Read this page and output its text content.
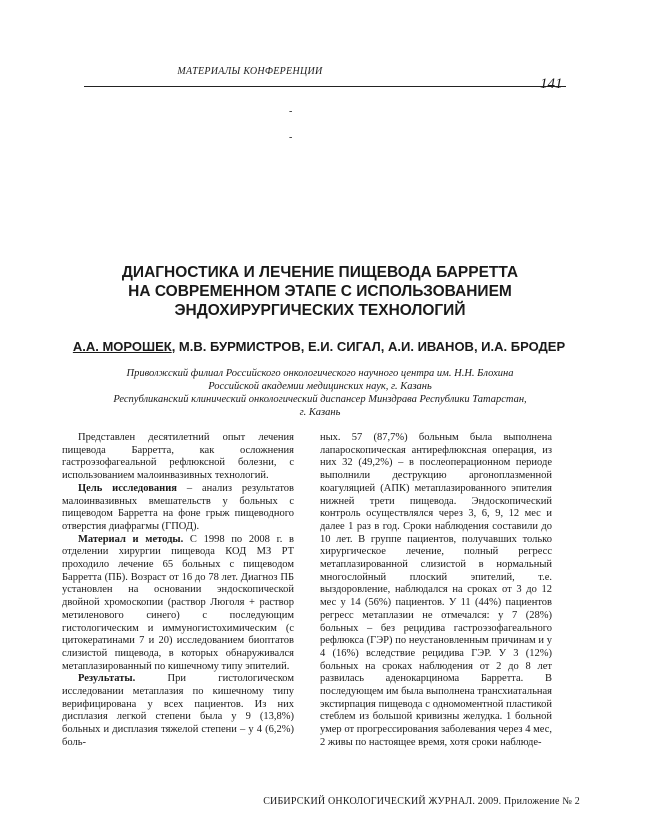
МАТЕРИАЛЫ КОНФЕРЕНЦИИ
141
-
-
ДИАГНОСТИКА И ЛЕЧЕНИЕ ПИЩЕВОДА БАРРЕТТА
НА СОВРЕМЕННОМ ЭТАПЕ С ИСПОЛЬЗОВАНИЕМ
ЭНДОХИРУРГИЧЕСКИХ ТЕХНОЛОГИЙ
А.А. МОРОШЕК, М.В. БУРМИСТРОВ, Е.И. СИГАЛ, А.И. ИВАНОВ, И.А. БРОДЕР
Приволжский филиал Российского онкологического научного центра им. Н.Н. Блохина
Российской академии медицинских наук, г. Казань
Республиканский клинический онкологический диспансер Минздрава Республики Татарстан,
г. Казань

Представлен десятилетний опыт лечения пищевода Барретта, как осложнения гастроэзофагеальной рефлюксной болезни, с использованием малоинвазивных технологий.

Цель исследования – анализ результатов малоинвазивных вмешательств у больных с пищеводом Барретта на фоне грыж пищеводного отверстия диафрагмы (ГПОД).

Материал и методы. С 1998 по 2008 г. в отделении хирургии пищевода КОД МЗ РТ проходило лечение 65 больных с пищеводом Барретта (ПБ). Возраст от 16 до 78 лет. Диагноз ПБ установлен на основании эндоскопической двойной хромоскопии (раствор Люголя + раствор метиленового синего) с последующим гистологическим и иммуногистохимическим (с цитокератинами 7 и 20) исследованием биоптатов слизистой пищевода, в которых обнаруживался метаплазированный по кишечному типу эпителий.

Результаты. При гистологическом исследовании метаплазия по кишечному типу верифицирована у всех пациентов. Из них дисплазия легкой степени была у 9 (13,8%) больных и дисплазия тяжелой степени – у 4 (6,2%) боль-

ных. 57 (87,7%) больным была выполнена лапароскопическая антирефлюксная операция, из них 32 (49,2%) – в послеоперационном периоде выполнили деструкцию аргоноплазменной коагуляцией (АПК) метаплазированного эпителия нижней трети пищевода. Эндоскопический контроль осуществлялся через 3, 6, 9, 12 мес и далее 1 раз в год. Сроки наблюдения составили до 10 лет. В группе пациентов, получавших только хирургическое лечение, полный регресс метаплазированной слизистой в нормальный многослойный плоский эпителий, т.е. выздоровление, наблюдался на сроках от 3 до 12 мес у 14 (56%) пациентов. У 11 (44%) пациентов регресс метаплазии не отмечался: у 7 (28%) больных – без рецидива гастроэзофагеального рефлюкса (ГЭР) по неустановленным причинам и у 4 (16%) вследствие рецидива ГЭР. У 3 (12%) больных на сроках наблюдения от 2 до 8 лет развилась аденокарцинома Барретта. В последующем им была выполнена трансхиатальная экстирпация пищевода с одномоментной пластикой стеблем из большой кривизны желудка. 1 больной умер от прогрессирования заболевания через 4 мес, 2 живы по настоящее время, хотя сроки наблюде-

СИБИРСКИЙ ОНКОЛОГИЧЕСКИЙ ЖУРНАЛ. 2009. Приложение № 2
